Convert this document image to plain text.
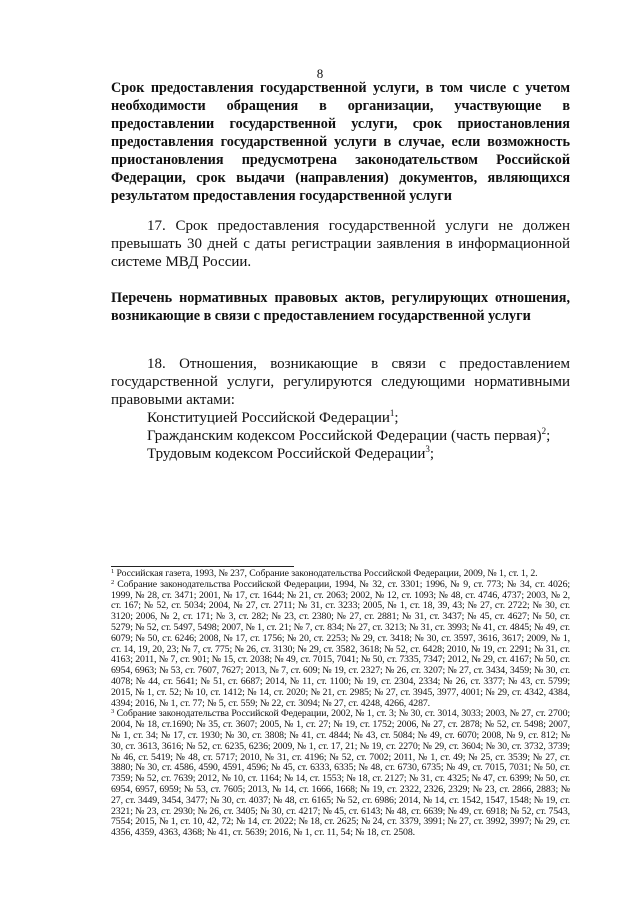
8

Срок предоставления государственной услуги, в том числе с учетом необходимости обращения в организации, участвующие в предоставлении государственной услуги, срок приостановления предоставления государственной услуги в случае, если возможность приостановления предусмотрена законодательством Российской Федерации, срок выдачи (направления) документов, являющихся результатом предоставления государственной услуги

17. Срок предоставления государственной услуги не должен превышать 30 дней с даты регистрации заявления в информационной системе МВД России.

Перечень нормативных правовых актов, регулирующих отношения, возникающие в связи с предоставлением государственной услуги

18. Отношения, возникающие в связи с предоставлением государственной услуги, регулируются следующими нормативными правовыми актами:

Конституцией Российской Федерации$^1$;

Гражданским кодексом Российской Федерации (часть первая)$^2$;

Трудовым кодексом Российской Федерации$^3$;

$^1$ Российская газета, 1993, № 237, Собрание законодательства Российской Федерации, 2009, № 1, ст. 1, 2.

$^2$ Собрание законодательства Российской Федерации, 1994, № 32, ст. 3301; 1996, № 9, ст. 773; № 34, ст. 4026; 1999, № 28, ст. 3471; 2001, № 17, ст. 1644; № 21, ст. 2063; 2002, № 12, ст. 1093; № 48, ст. 4746, 4737; 2003, № 2, ст. 167; № 52, ст. 5034; 2004, № 27, ст. 2711; № 31, ст. 3233; 2005, № 1, ст. 18, 39, 43; № 27, ст. 2722; № 30, ст. 3120; 2006, № 2, ст. 171; № 3, ст. 282; № 23, ст. 2380; № 27, ст. 2881; № 31, ст. 3437; № 45, ст. 4627; № 50, ст. 5279; № 52, ст. 5497, 5498; 2007, № 1, ст. 21; № 7, ст. 834; № 27, ст. 3213; № 31, ст. 3993; № 41, ст. 4845; № 49, ст. 6079; № 50, ст. 6246; 2008, № 17, ст. 1756; № 20, ст. 2253; № 29, ст. 3418; № 30, ст. 3597, 3616, 3617; 2009, № 1, ст. 14, 19, 20, 23; № 7, ст. 775; № 26, ст. 3130; № 29, ст. 3582, 3618; № 52, ст. 6428; 2010, № 19, ст. 2291; № 31, ст. 4163; 2011, № 7, ст. 901; № 15, ст. 2038; № 49, ст. 7015, 7041; № 50, ст. 7335, 7347; 2012, № 29, ст. 4167; № 50, ст. 6954, 6963; № 53, ст. 7607, 7627; 2013, № 7, ст. 609; № 19, ст. 2327; № 26, ст. 3207; № 27, ст. 3434, 3459; № 30, ст. 4078; № 44, ст. 5641; № 51, ст. 6687; 2014, № 11, ст. 1100; № 19, ст. 2304, 2334; № 26, ст. 3377; № 43, ст. 5799; 2015, № 1, ст. 52; № 10, ст. 1412; № 14, ст. 2020; № 21, ст. 2985; № 27, ст. 3945, 3977, 4001; № 29, ст. 4342, 4384, 4394; 2016, № 1, ст. 77; № 5, ст. 559; № 22, ст. 3094; № 27, ст. 4248, 4266, 4287.

$^3$ Собрание законодательства Российской Федерации, 2002, № 1, ст. 3; № 30, ст. 3014, 3033; 2003, № 27, ст. 2700; 2004, № 18, ст.1690; № 35, ст. 3607; 2005, № 1, ст. 27; № 19, ст. 1752; 2006, № 27, ст. 2878; № 52, ст. 5498; 2007, № 1, ст. 34; № 17, ст. 1930; № 30, ст. 3808; № 41, ст. 4844; № 43, ст. 5084; № 49, ст. 6070; 2008, № 9, ст. 812; № 30, ст. 3613, 3616; № 52, ст. 6235, 6236; 2009, № 1, ст. 17, 21; № 19, ст. 2270; № 29, ст. 3604; № 30, ст. 3732, 3739; № 46, ст. 5419; № 48, ст. 5717; 2010, № 31, ст. 4196; № 52, ст. 7002; 2011, № 1, ст. 49; № 25, ст. 3539; № 27, ст. 3880; № 30, ст. 4586, 4590, 4591, 4596; № 45, ст. 6333, 6335; № 48, ст. 6730, 6735; № 49, ст. 7015, 7031; № 50, ст. 7359; № 52, ст. 7639; 2012, № 10, ст. 1164; № 14, ст. 1553; № 18, ст. 2127; № 31, ст. 4325; № 47, ст. 6399; № 50, ст. 6954, 6957, 6959; № 53, ст. 7605; 2013, № 14, ст. 1666, 1668; № 19, ст. 2322, 2326, 2329; № 23, ст. 2866, 2883; № 27, ст. 3449, 3454, 3477; № 30, ст. 4037; № 48, ст. 6165; № 52, ст. 6986; 2014, № 14, ст. 1542, 1547, 1548; № 19, ст. 2321; № 23, ст. 2930; № 26, ст. 3405; № 30, ст. 4217; № 45, ст. 6143; № 48, ст. 6639; № 49, ст. 6918; № 52, ст. 7543, 7554; 2015, № 1, ст. 10, 42, 72; № 14, ст. 2022; № 18, ст. 2625; № 24, ст. 3379, 3991; № 27, ст. 3992, 3997; № 29, ст. 4356, 4359, 4363, 4368; № 41, ст. 5639; 2016, № 1, ст. 11, 54; № 18, ст. 2508.
